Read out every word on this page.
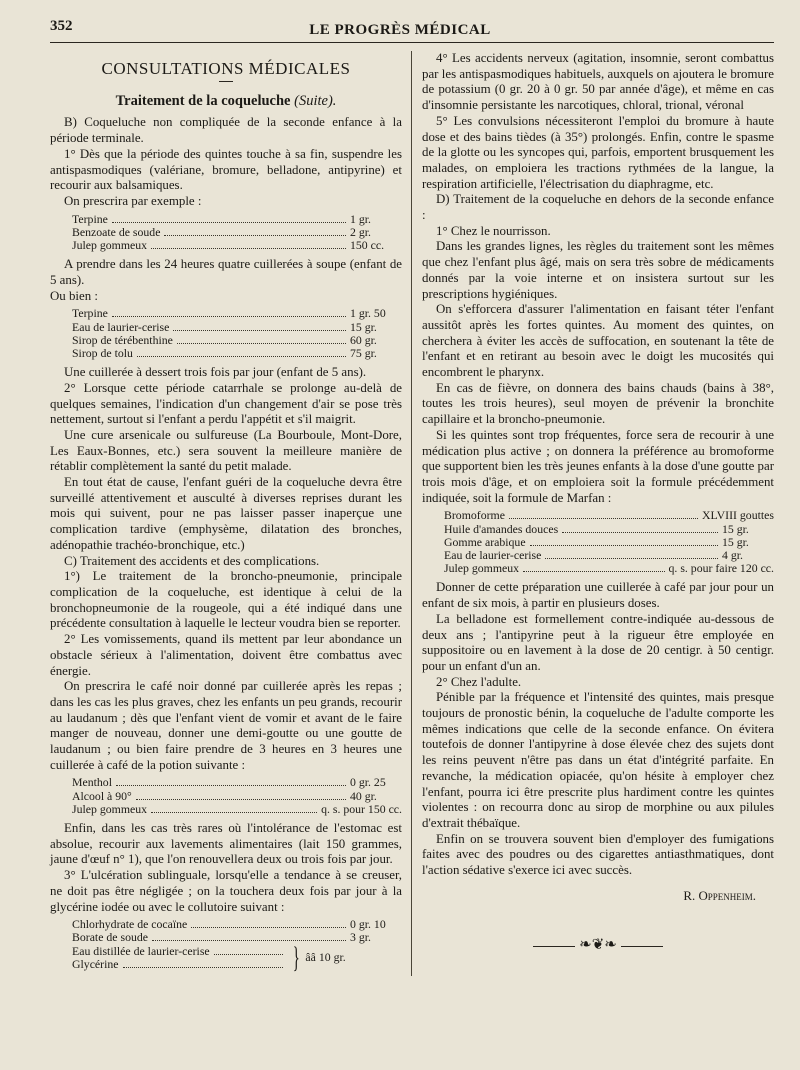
352	LE PROGRÈS MÉDICAL
CONSULTATIONS MÉDICALES
Traitement de la coqueluche (Suite).

B) Coqueluche non compliquée de la seconde enfance à la période terminale.

1° Dès que la période des quintes touche à sa fin, suspendre les antispasmodiques (valériane, bromure, belladone, antipyrine) et recourir aux balsamiques.

On prescrira par exemple :

Terpine	1 gr.
Benzoate de soude	2 gr.
Julep gommeux	150 cc.

A prendre dans les 24 heures quatre cuillerées à soupe (enfant de 5 ans).

Ou bien :

Terpine	1 gr. 50
Eau de laurier-cerise	15 gr.
Sirop de térébenthine	60 gr.
Sirop de tolu	75 gr.

Une cuillerée à dessert trois fois par jour (enfant de 5 ans).

2° Lorsque cette période catarrhale se prolonge au-delà de quelques semaines, l'indication d'un changement d'air se pose très nettement, surtout si l'enfant a perdu l'appétit et s'il maigrit.

Une cure arsenicale ou sulfureuse (La Bourboule, Mont-Dore, Les Eaux-Bonnes, etc.) sera souvent la meilleure manière de rétablir complètement la santé du petit malade.

En tout état de cause, l'enfant guéri de la coqueluche devra être surveillé attentivement et ausculté à diverses reprises durant les mois qui suivent, pour ne pas laisser passer inaperçue une complication tardive (emphysème, dilatation des bronches, adénopathie trachéo-bronchique, etc.)

C) Traitement des accidents et des complications.

1°) Le traitement de la broncho-pneumonie, principale complication de la coqueluche, est identique à celui de la bronchopneumonie de la rougeole, qui a été indiqué dans une précédente consultation à laquelle le lecteur voudra bien se reporter.

2° Les vomissements, quand ils mettent par leur abondance un obstacle sérieux à l'alimentation, doivent être combattus avec énergie.

On prescrira le café noir donné par cuillerée après les repas ; dans les cas les plus graves, chez les enfants un peu grands, recourir au laudanum ; dès que l'enfant vient de vomir et avant de le faire manger de nouveau, donner une demi-goutte ou une goutte de laudanum ; ou bien faire prendre de 3 heures en 3 heures une cuillerée à café de la potion suivante :

Menthol	0 gr. 25
Alcool à 90°	40 gr.
Julep gommeux	q. s. pour 150 cc.

Enfin, dans les cas très rares où l'intolérance de l'estomac est absolue, recourir aux lavements alimentaires (lait 150 grammes, jaune d'œuf n° 1), que l'on renouvellera deux ou trois fois par jour.

3° L'ulcération sublinguale, lorsqu'elle a tendance à se creuser, ne doit pas être négligée ; on la touchera deux fois par jour à la glycérine iodée ou avec le collutoire suivant :

Chlorhydrate de cocaïne	0 gr. 10
Borate de soude	3 gr.
Eau distillée de laurier-cerise
Glycérine	} ââ 10 gr.

4° Les accidents nerveux (agitation, insomnie, seront combattus par les antispasmodiques habituels, auxquels on ajoutera le bromure de potassium (0 gr. 20 à 0 gr. 50 par année d'âge), et même en cas d'insomnie persistante les narcotiques, chloral, trional, véronal

5° Les convulsions nécessiteront l'emploi du bromure à haute dose et des bains tièdes (à 35°) prolongés. Enfin, contre le spasme de la glotte ou les syncopes qui, parfois, emportent brusquement les malades, on emploiera les tractions rythmées de la langue, la respiration artificielle, l'électrisation du diaphragme, etc.

D) Traitement de la coqueluche en dehors de la seconde enfance :

1° Chez le nourrisson.

Dans les grandes lignes, les règles du traitement sont les mêmes que chez l'enfant plus âgé, mais on sera très sobre de médicaments donnés par la voie interne et on insistera surtout sur les prescriptions hygiéniques.

On s'efforcera d'assurer l'alimentation en faisant téter l'enfant aussitôt après les fortes quintes. Au moment des quintes, on cherchera à éviter les accès de suffocation, en soutenant la tête de l'enfant et en retirant au besoin avec le doigt les mucosités qui encombrent le pharynx.

En cas de fièvre, on donnera des bains chauds (bains à 38°, toutes les trois heures), seul moyen de prévenir la bronchite capillaire et la broncho-pneumonie.

Si les quintes sont trop fréquentes, force sera de recourir à une médication plus active ; on donnera la préférence au bromoforme que supportent bien les très jeunes enfants à la dose d'une goutte par trois mois d'âge, et on emploiera soit la formule précédemment indiquée, soit la formule de Marfan :

Bromoforme	XLVIII gouttes
Huile d'amandes douces	15 gr.
Gomme arabique	15 gr.
Eau de laurier-cerise	4 gr.
Julep gommeux	q. s. pour faire 120 cc.

Donner de cette préparation une cuillerée à café par jour pour un enfant de six mois, à partir en plusieurs doses.

La belladone est formellement contre-indiquée au-dessous de deux ans ; l'antipyrine peut à la rigueur être employée en suppositoire ou en lavement à la dose de 20 centigr. à 50 centigr. pour un enfant d'un an.

2° Chez l'adulte.

Pénible par la fréquence et l'intensité des quintes, mais presque toujours de pronostic bénin, la coqueluche de l'adulte comporte les mêmes indications que celle de la seconde enfance. On évitera toutefois de donner l'antipyrine à dose élevée chez des sujets dont les reins peuvent n'être pas dans un état d'intégrité parfaite. En revanche, la médication opiacée, qu'on hésite à employer chez l'enfant, pourra ici être prescrite plus hardiment contre les quintes violentes : on recourra donc au sirop de morphine ou aux pilules d'extrait thébaïque.

Enfin on se trouvera souvent bien d'employer des fumigations faites avec des poudres ou des cigarettes antiasthmatiques, dont l'action sédative s'exerce ici avec succès.

R. Oppenheim.
❧❦❧
